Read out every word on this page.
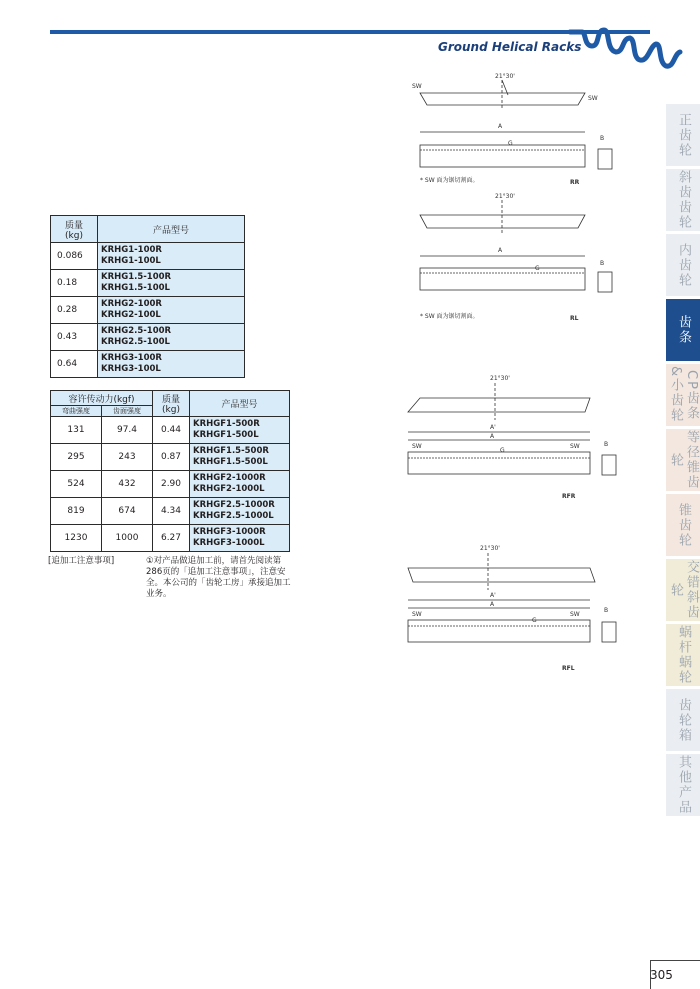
Ground Helical Racks
正齿轮
斜齿齿轮
内齿轮
齿条
CP齿条&小齿轮
等径锥齿轮
锥齿轮
交错斜齿轮
蜗杆蜗轮
齿轮箱
其他产品
质量
(kg)	产品型号
0.086	KRHG1-100R
KRHG1-100L
0.18	KRHG1.5-100R
KRHG1.5-100L
0.28	KRHG2-100R
KRHG2-100L
0.43	KRHG2.5-100R
KRHG2.5-100L
0.64	KRHG3-100R
KRHG3-100L
容许传动力(kgf)		质量
(kg)	产品型号
弯曲强度	齿面强度		
131	97.4	0.44	KRHGF1-500R
KRHGF1-500L
295	243	0.87	KRHGF1.5-500R
KRHGF1.5-500L
524	432	2.90	KRHGF2-1000R
KRHGF2-1000L
819	674	4.34	KRHGF2.5-1000R
KRHGF2.5-1000L
1230	1000	6.27	KRHGF3-1000R
KRHGF3-1000L
[追加工注意事项]	①对产品做追加工前，请首先阅读第286页的「追加工注意事项」，注意安全。本公司的「齿轮工房」承接追加工业务。
21°30'
SW
SW
A
G
B
* SW 面为锯切割面。	RR
21°30'
A
G
B
* SW 面为锯切割面。	RL
21°30'
A'
A
SW	SW
G
B
RFR
21°30'
A'
A
SW	SW
G
B
RFL
305
